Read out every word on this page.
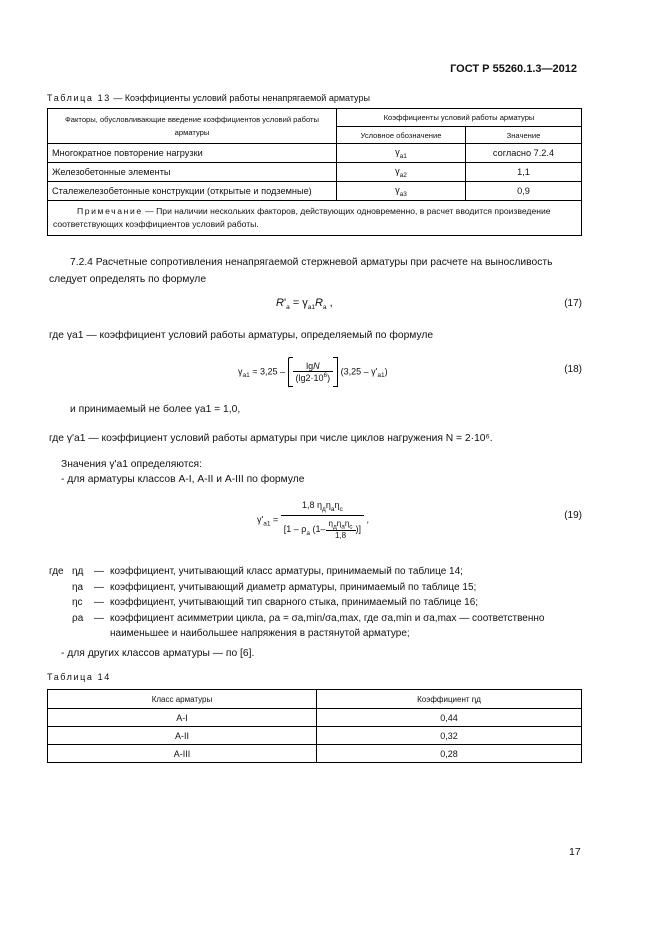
ГОСТ Р 55260.1.3—2012
Таблица 13 — Коэффициенты условий работы ненапрягаемой арматуры
Факторы, обусловливающие введение коэффициентов условий работы арматуры	Коэффициенты условий работы арматуры	
	Условное обозначение	Значение
Многократное повторение нагрузки	$\gamma_{a1}$	согласно 7.2.4
Железобетонные элементы	$\gamma_{a2}$	1,1
Сталежелезобетонные конструкции (открытые и подземные)	$\gamma_{a3}$	0,9
Примечание — При наличии нескольких факторов, действующих одновременно, в расчет вводится произведение соответствующих коэффициентов условий работы.		
7.2.4 Расчетные сопротивления ненапрягаемой стержневой арматуры при расчете на выносливость следует определять по формуле
$R'_a = \gamma_{a1}R_a$ ,	(17)
где γa1 — коэффициент условий работы арматуры, определяемый по формуле
$\gamma_{a1} = 3,25 - \frac{\lg N}{(\lg 2\cdot 10^6)} (3,25 - \gamma'_{a1})$	(18)
и принимаемый не более γa1 = 1,0,
где γ'a1 — коэффициент условий работы арматуры при числе циклов нагружения N = 2·10⁶.
Значения γ'a1 определяются:
- для арматуры классов А-I, А-II и А-III по формуле
$\gamma'_{a1} = \frac{1,8 \eta_д\eta_a\eta_c}{[1 - \rho_a (1- \frac{\eta_д\eta_a\eta_c}{1,8} )]}$ ,	(19)
где ηд	— коэффициент, учитывающий класс арматуры, принимаемый по таблице 14;
ηa	— коэффициент, учитывающий диаметр арматуры, принимаемый по таблице 15;
ηc	— коэффициент, учитывающий тип сварного стыка, принимаемый по таблице 16;
ρa	— коэффициент асимметрии цикла, ρa = σa,min/σa,max, где σa,min и σa,max — соответственно наименьшее и наибольшее напряжения в растянутой арматуре;
- для других классов арматуры — по [6].
Таблица 14
Класс арматуры	Коэффициент ηд
А-I	0,44
А-II	0,32
А-III	0,28
17
